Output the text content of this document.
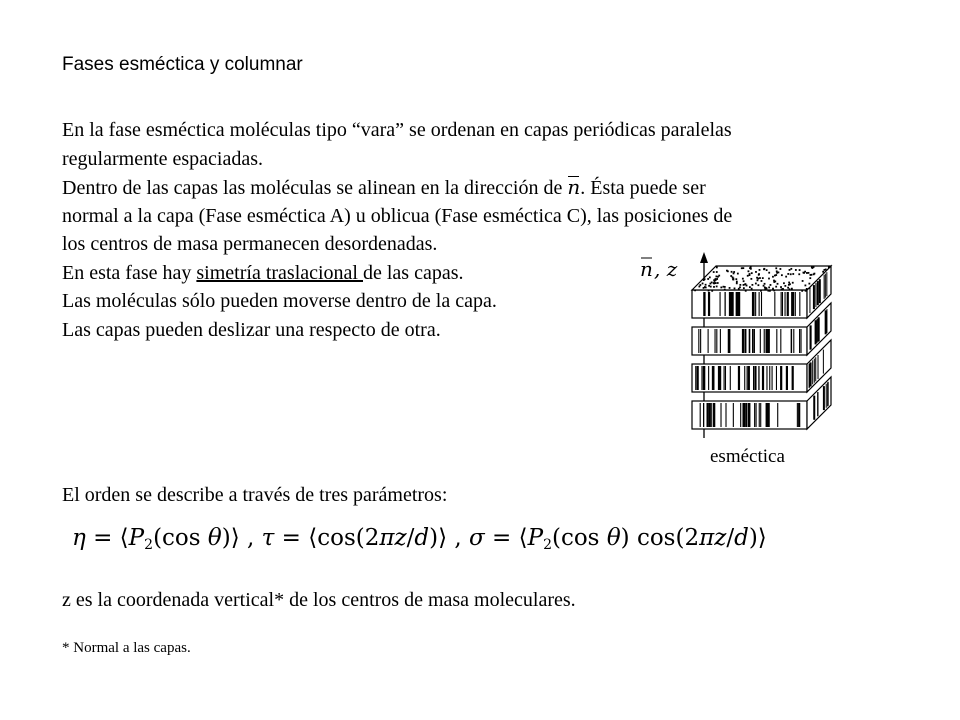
Fases esméctica y columnar
En la fase esméctica moléculas tipo “vara” se ordenan en capas periódicas paralelas
regularmente espaciadas.
Dentro de las capas las moléculas se alinean en la dirección de n. Ésta puede ser
normal a la capa (Fase esméctica A) u oblicua (Fase esméctica C), las posiciones de
los centros de masa permanecen desordenadas.
En esta fase hay simetría traslacional de las capas.
Las moléculas sólo pueden moverse dentro de la capa.
Las capas pueden deslizar una respecto de otra.
n , z
esméctica
El orden se describe a través de tres parámetros:
$\eta = ⟨P_2(\cos$ θ)⟩ , τ = ⟨cos(2πz/d)⟩ , $\sigma = ⟨P_2(\cos$ θ) cos(2πz/d)⟩
z es la coordenada vertical* de los centros de masa moleculares.
* Normal a las capas.
